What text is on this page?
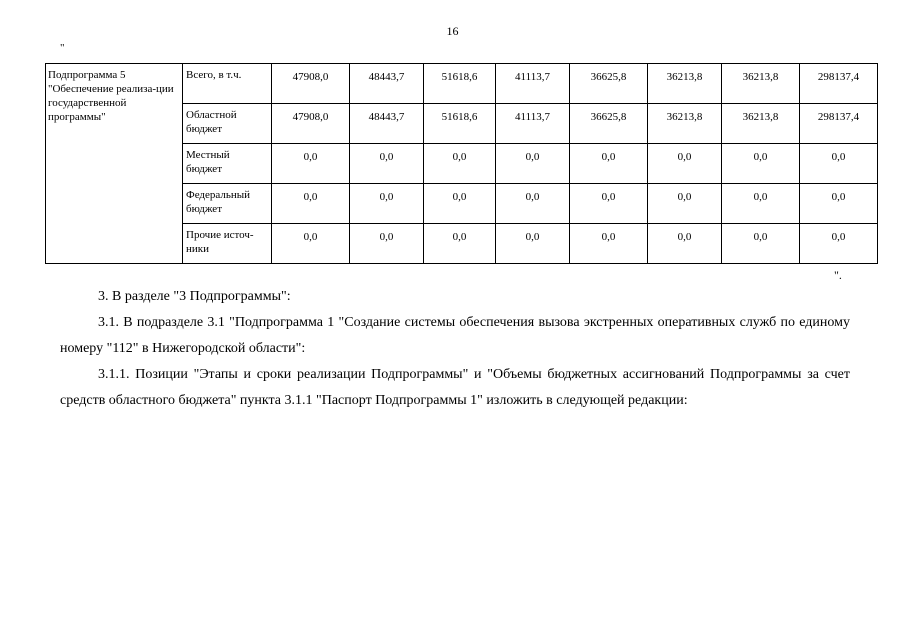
16
"
Подпрограмма 5 "Обеспечение реализа-ции государственной программы"	Всего, в т.ч.	47908,0	48443,7	51618,6	41113,7	36625,8	36213,8	36213,8	298137,4
	Областной бюджет	47908,0	48443,7	51618,6	41113,7	36625,8	36213,8	36213,8	298137,4
	Местный бюджет	0,0	0,0	0,0	0,0	0,0	0,0	0,0	0,0
	Федеральный бюджет	0,0	0,0	0,0	0,0	0,0	0,0	0,0	0,0
	Прочие источ-ники	0,0	0,0	0,0	0,0	0,0	0,0	0,0	0,0
".
3. В разделе "3 Подпрограммы":
3.1. В подразделе 3.1 "Подпрограмма 1 "Создание системы обеспечения вызова экстренных оперативных служб по единому номеру "112" в Нижегородской области":
3.1.1. Позиции "Этапы и сроки реализации Подпрограммы" и "Объемы бюджетных ассигнований Подпрограммы за счет средств областного бюджета" пункта 3.1.1 "Паспорт Подпрограммы 1" изложить в следующей редакции:
